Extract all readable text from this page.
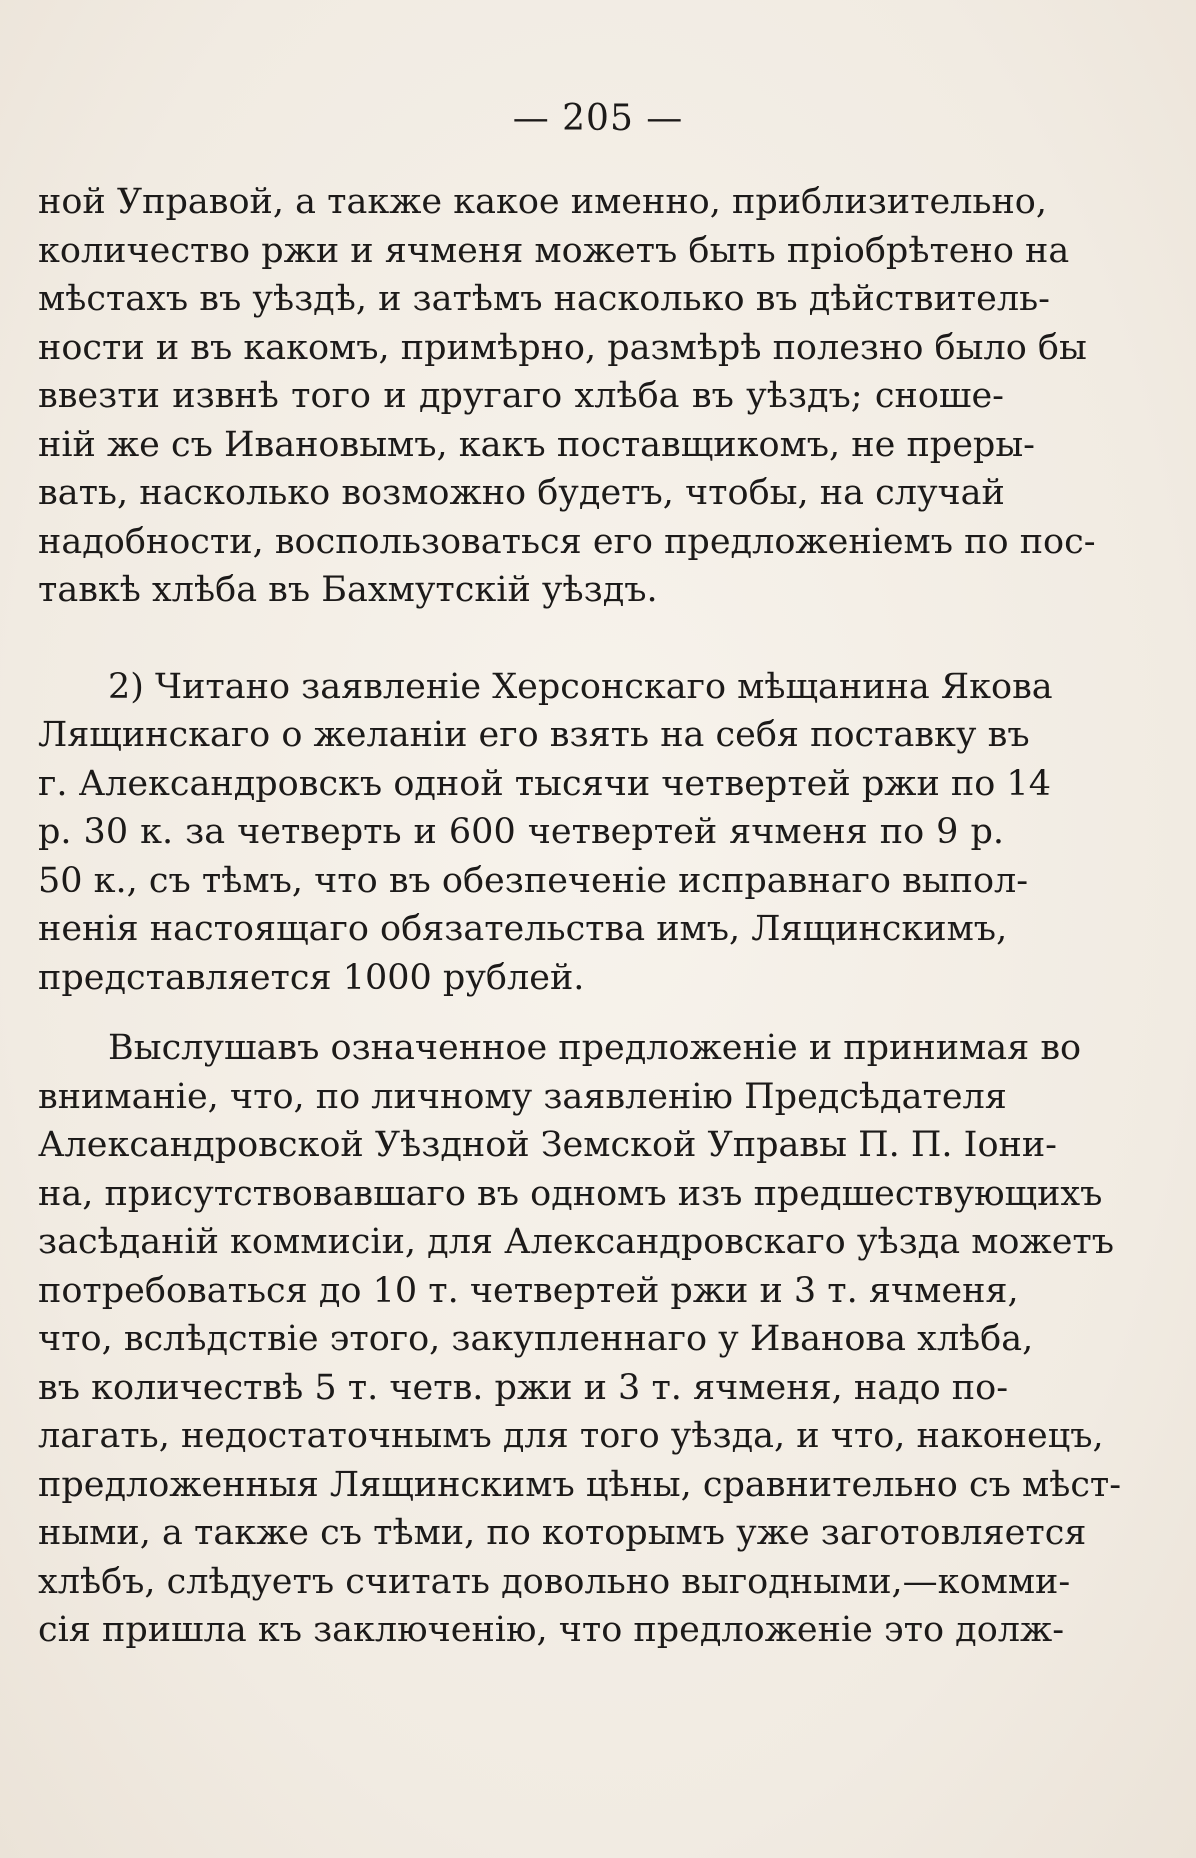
— 205 —
ной Управой, а также какое именно, приблизительно,
количество ржи и ячменя можетъ быть пріобрѣтено на
мѣстахъ въ уѣздѣ, и затѣмъ насколько въ дѣйствитель-
ности и въ какомъ, примѣрно, размѣрѣ полезно было бы
ввезти извнѣ того и другаго хлѣба въ уѣздъ; сноше-
ній же съ Ивановымъ, какъ поставщикомъ, не преры-
вать, насколько возможно будетъ, чтобы, на случай
надобности, воспользоваться его предложеніемъ по пос-
тавкѣ хлѣба въ Бахмутскій уѣздъ.
2) Читано заявленіе Херсонскаго мѣщанина Якова
Лящинскаго о желаніи его взять на себя поставку въ
г. Александровскъ одной тысячи четвертей ржи по 14
р. 30 к. за четверть и 600 четвертей ячменя по 9 р.
50 к., съ тѣмъ, что въ обезпеченіе исправнаго выпол-
ненія настоящаго обязательства имъ, Лящинскимъ,
представляется 1000 рублей.
Выслушавъ означенное предложеніе и принимая во
вниманіе, что, по личному заявленію Предсѣдателя
Александровской Уѣздной Земской Управы П. П. Іони-
на, присутствовавшаго въ одномъ изъ предшествующихъ
засѣданій коммисіи, для Александровскаго уѣзда можетъ
потребоваться до 10 т. четвертей ржи и 3 т. ячменя,
что, вслѣдствіе этого, закупленнаго у Иванова хлѣба,
въ количествѣ 5 т. четв. ржи и 3 т. ячменя, надо по-
лагать, недостаточнымъ для того уѣзда, и что, наконецъ,
предложенныя Лящинскимъ цѣны, сравнительно съ мѣст-
ными, а также съ тѣми, по которымъ уже заготовляется
хлѣбъ, слѣдуетъ считать довольно выгодными,—комми-
сія пришла къ заключенію, что предложеніе это долж-
